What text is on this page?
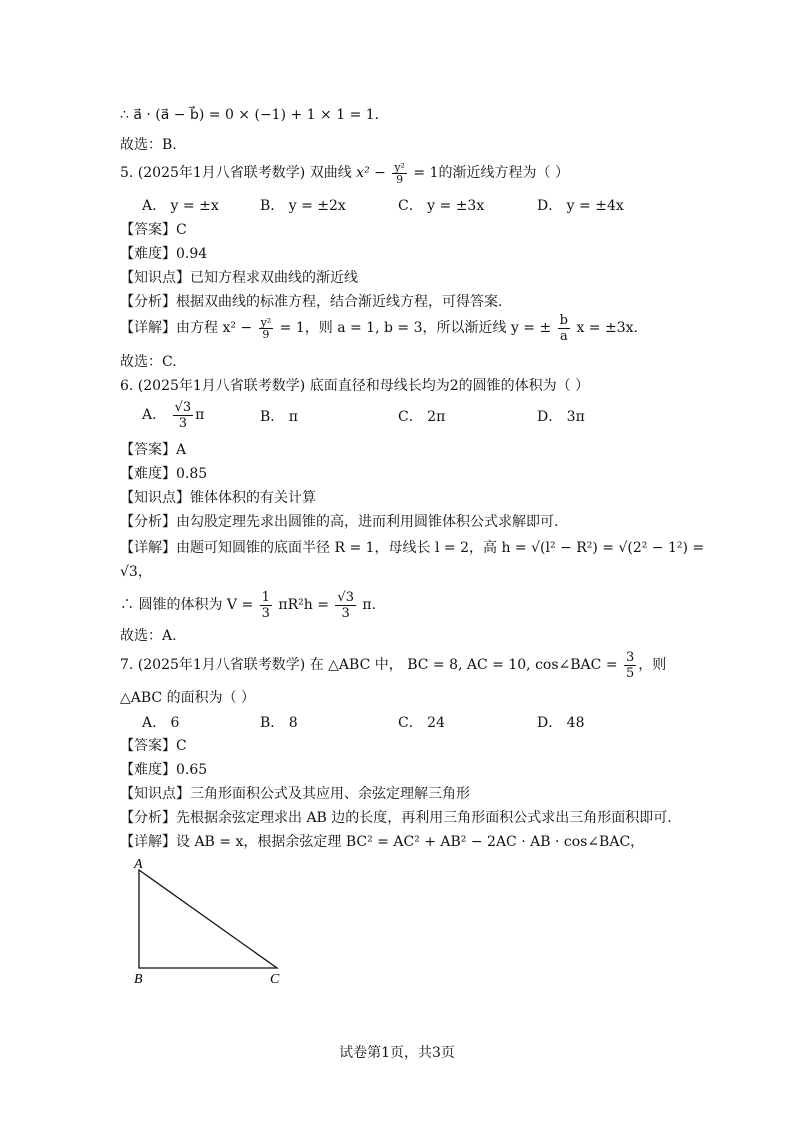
∴ a⃗ · (a⃗ − b⃗) = 0 × (−1) + 1 × 1 = 1.
故选：B.
5. (2025年1月八省联考数学) 双曲线 $x^2 - \frac{\text{y²}}{9} = 1$的渐近线方程为（ ）
A． y = ±x	B． y = ±2x	C． y = ±3x	D． y = ±4x
【答案】C
【难度】0.94
【知识点】已知方程求双曲线的渐近线
【分析】根据双曲线的标准方程，结合渐近线方程，可得答案.
【详解】由方程 $x^2 - \frac{\text{y²}}{9} = 1$，则 a = 1, b = 3，所以渐近线 y = ± $\frac{b}{a}$ x = ±3x.
故选：C.
6. (2025年1月八省联考数学) 底面直径和母线长均为2的圆锥的体积为（ ）
A． $\frac{√3}{3}$ π	B． π	C． 2π	D． 3π
【答案】A
【难度】0.85
【知识点】锥体体积的有关计算
【分析】由勾股定理先求出圆锥的高，进而利用圆锥体积公式求解即可.
【详解】由题可知圆锥的底面半径 R = 1，母线长 l = 2，高 h = √(l² − R²) = √(2² − 1²) =
√3，
∴ 圆锥的体积为 $V = \frac{1}{3} \pi R^2h = \frac{√3}{3} \pi$.
故选：A.
7. (2025年1月八省联考数学) 在 △ABC 中， BC = 8, AC = 10, cos∠BAC = $\frac{3}{5}$ ，则
△ABC 的面积为（ ）
A． 6	B． 8	C． 24	D． 48
【答案】C
【难度】0.65
【知识点】三角形面积公式及其应用、余弦定理解三角形
【分析】先根据余弦定理求出 AB 边的长度，再利用三角形面积公式求出三角形面积即可.
【详解】设 AB = x，根据余弦定理 BC² = AC² + AB² − 2AC · AB · cos∠BAC，
A
B	C
试卷第1页，共3页
